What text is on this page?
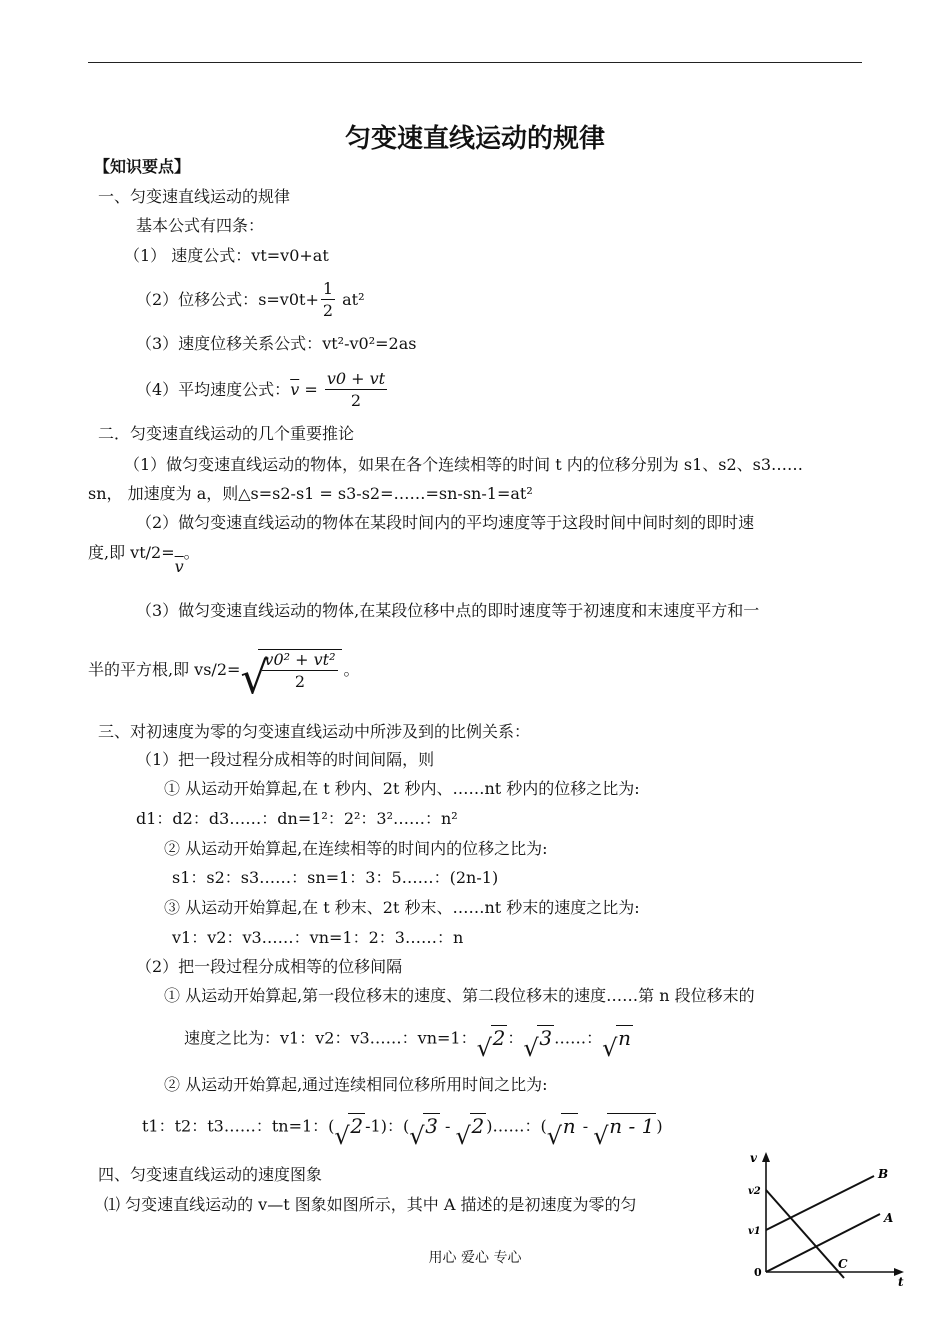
匀变速直线运动的规律
【知识要点】
一、匀变速直线运动的规律
基本公式有四条：
（1） 速度公式：vt=v0+at
（2）位移公式：$s=v0t+ \frac{1}{2} at^2$
（3）速度位移关系公式：vt²-v0²=2as
（4）平均速度公式：$\overline{v} = \frac{v0 + vt}{2}$
二．匀变速直线运动的几个重要推论
（1）做匀变速直线运动的物体，如果在各个连续相等的时间 t 内的位移分别为 s1、s2、s3……
sn， 加速度为 a，则△s=s2-s1 = s3-s2=……=sn-sn-1=at²
（2）做匀变速直线运动的物体在某段时间内的平均速度等于这段时间中间时刻的即时速
度,即 $vt/2=\overline{v}$。
（3）做匀变速直线运动的物体,在某段位移中点的即时速度等于初速度和末速度平方和一
半的平方根,即 vs/2= √
$\frac{\text{v0² + vt²}}{2}$ 。
三、对初速度为零的匀变速直线运动中所涉及到的比例关系：
（1）把一段过程分成相等的时间间隔，则
① 从运动开始算起,在 t 秒内、2t 秒内、……nt 秒内的位移之比为:
d1：d2：d3……：dn=1²：2²：3²……：n²
② 从运动开始算起,在连续相等的时间内的位移之比为:
s1：s2：s3……：sn=1：3：5……：(2n-1)
③ 从运动开始算起,在 t 秒末、2t 秒末、……nt 秒末的速度之比为:
v1：v2：v3……：vn=1：2：3……：n
（2）把一段过程分成相等的位移间隔
① 从运动开始算起,第一段位移末的速度、第二段位移末的速度……第 n 段位移末的
速度之比为：v1：v2：v3……：vn=1： √ 2 ： √ 3 ……： √ n
② 从运动开始算起,通过连续相同位移所用时间之比为:
t1：t2：t3……：tn=1：( √ 2 -1)：( √ 3 - √ 2 )……：( √ n - √ n - 1 )
四、匀变速直线运动的速度图象
⑴ 匀变速直线运动的 v—t 图象如图所示，其中 A 描述的是初速度为零的匀
v
t
0
v2
v1
A
B
C
用心 爱心 专心
